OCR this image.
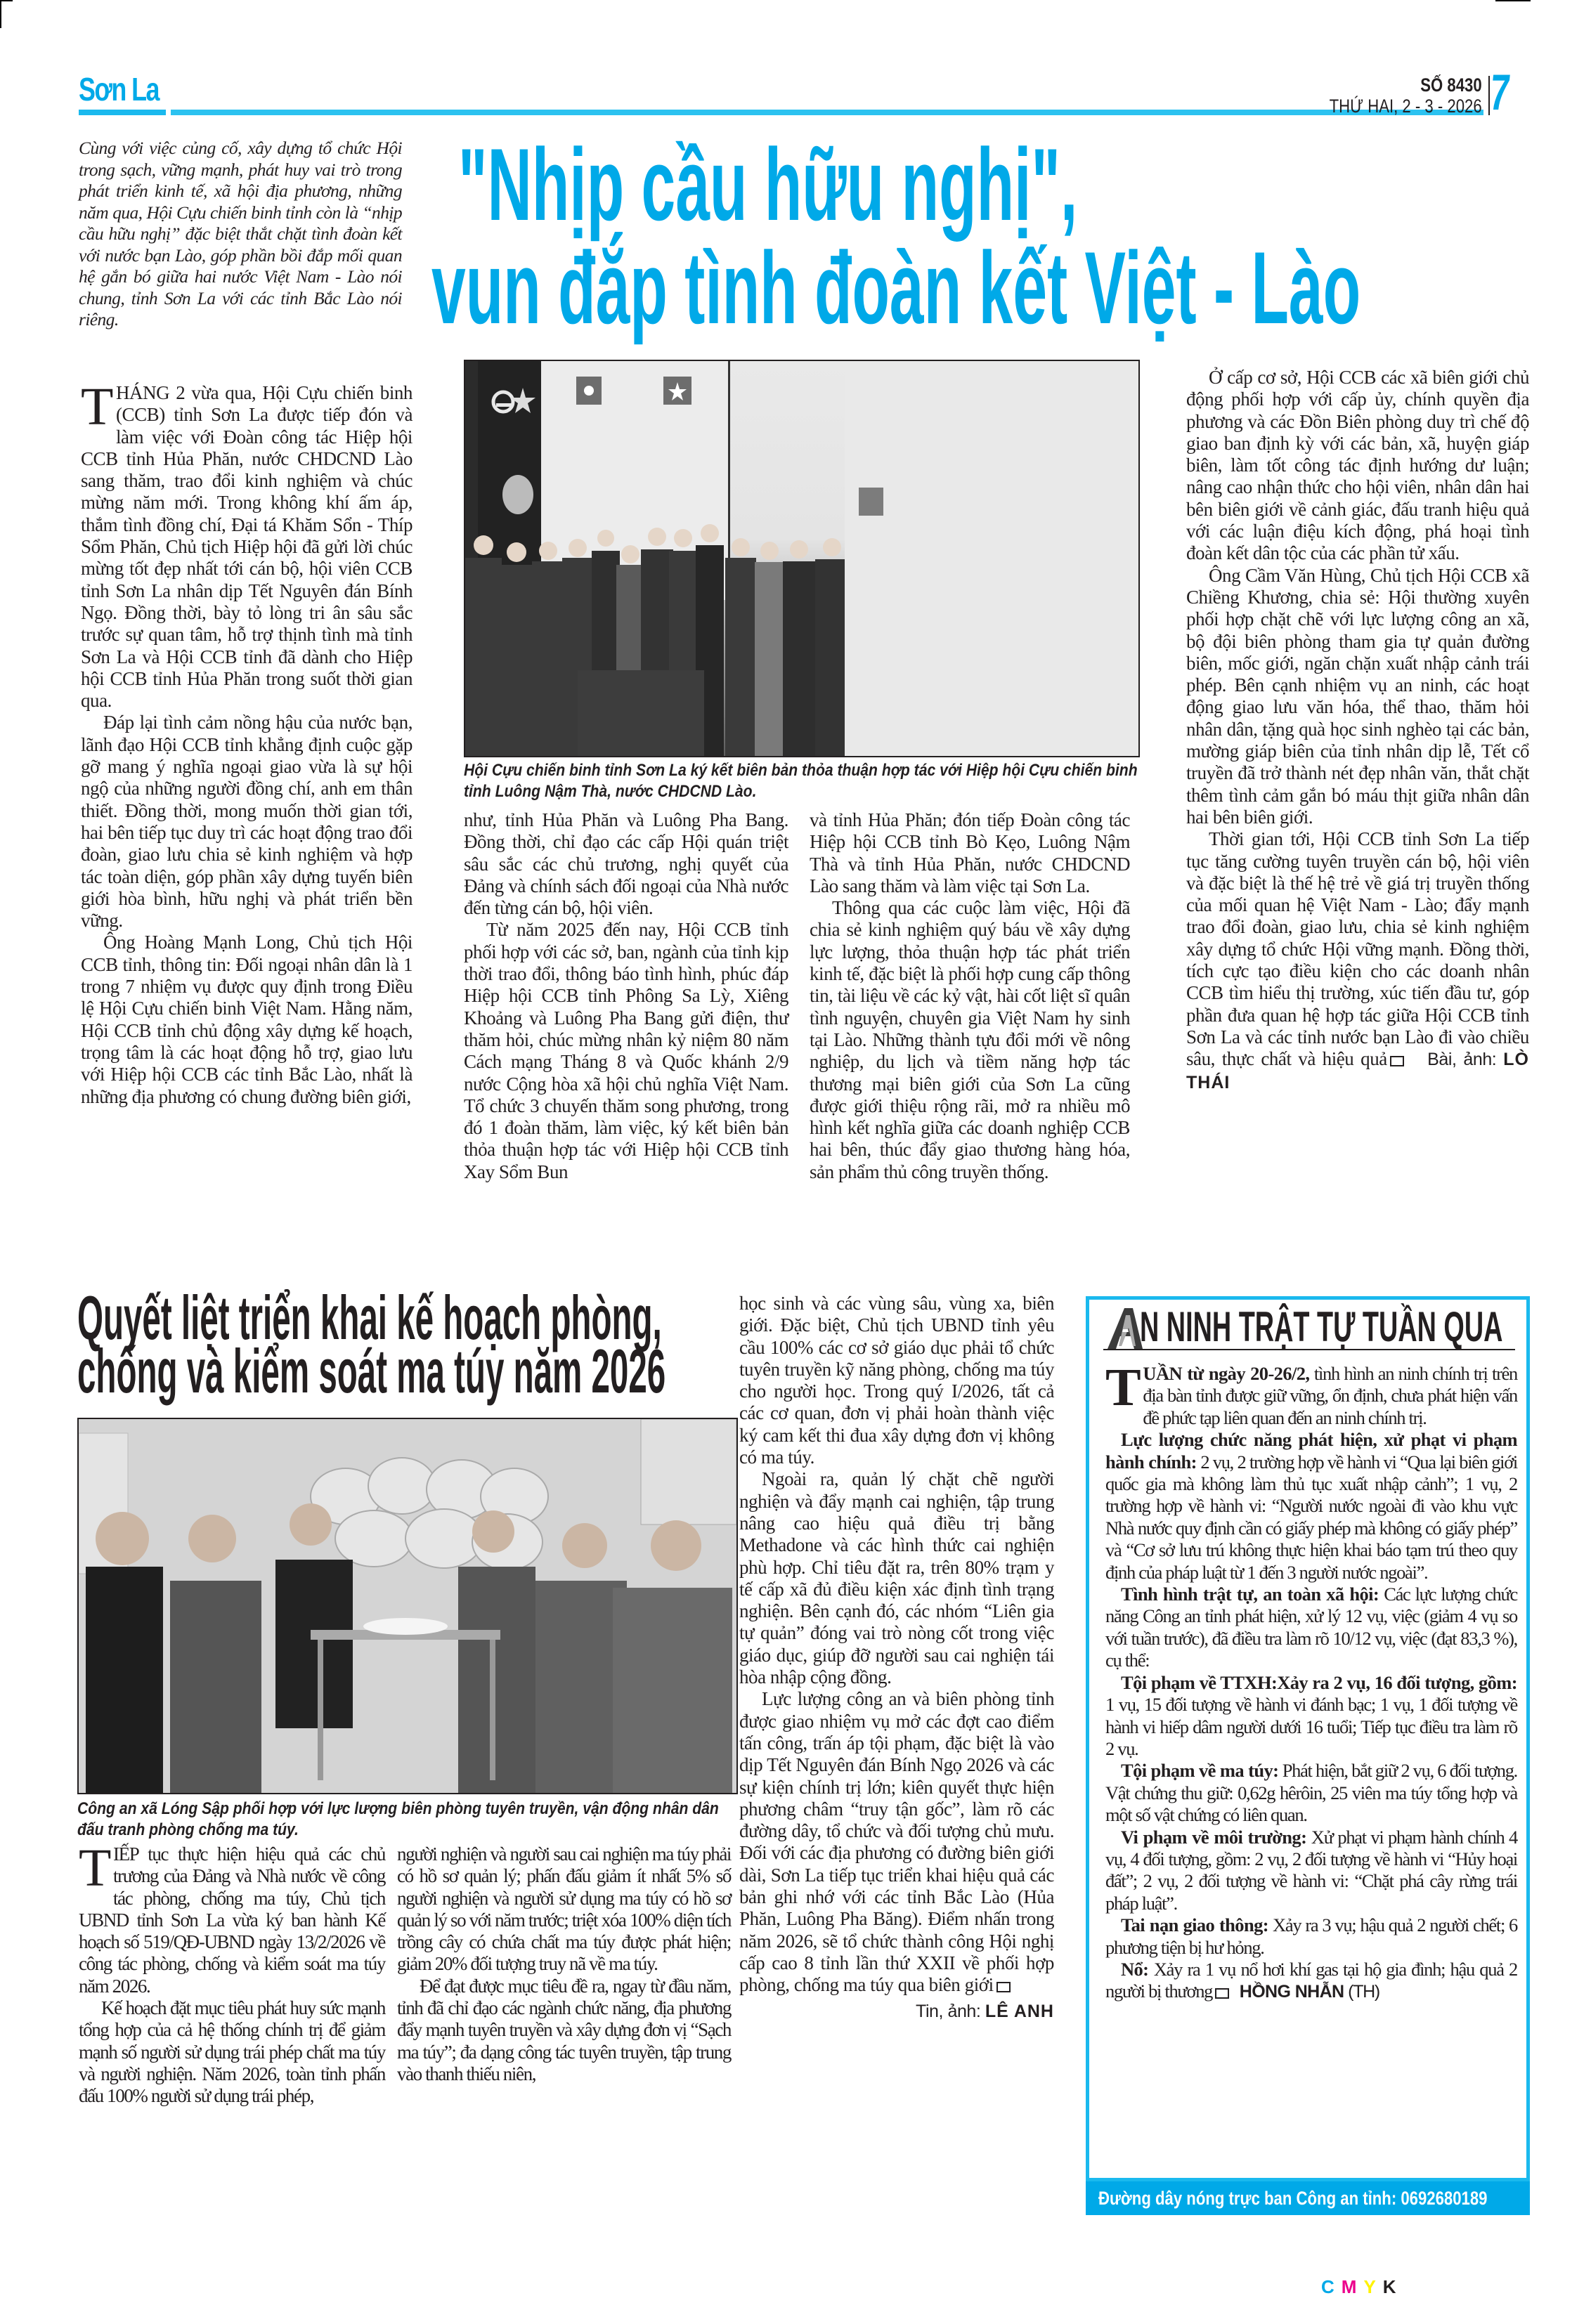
Sơn La	SỐ 8430
THỨ HAI, 2 - 3 - 2026 7
Cùng với việc củng cố, xây dựng tổ chức Hội trong sạch, vững mạnh, phát huy vai trò trong phát triển kinh tế, xã hội địa phương, những năm qua, Hội Cựu chiến binh tỉnh còn là “nhịp cầu hữu nghị” đặc biệt thắt chặt tình đoàn kết với nước bạn Lào, góp phần bồi đắp mối quan hệ gắn bó giữa hai nước Việt Nam - Lào nói chung, tỉnh Sơn La với các tỉnh Bắc Lào nói riêng.
"Nhịp cầu hữu nghị",
vun đắp tình đoàn kết Việt - Lào
Hội Cựu chiến binh tỉnh Sơn La ký kết biên bản thỏa thuận hợp tác với Hiệp hội Cựu chiến binh tỉnh Luông Nậm Thà, nước CHDCND Lào.

THÁNG 2 vừa qua, Hội Cựu chiến binh (CCB) tỉnh Sơn La được tiếp đón và làm việc với Đoàn công tác Hiệp hội CCB tỉnh Hủa Phăn, nước CHDCND Lào sang thăm, trao đổi kinh nghiệm và chúc mừng năm mới. Trong không khí ấm áp, thắm tình đồng chí, Đại tá Khăm Sổn - Thíp Sổm Phăn, Chủ tịch Hiệp hội đã gửi lời chúc mừng tốt đẹp nhất tới cán bộ, hội viên CCB tỉnh Sơn La nhân dịp Tết Nguyên đán Bính Ngọ. Đồng thời, bày tỏ lòng tri ân sâu sắc trước sự quan tâm, hỗ trợ thịnh tình mà tỉnh Sơn La và Hội CCB tỉnh đã dành cho Hiệp hội CCB tỉnh Hủa Phăn trong suốt thời gian qua.

Đáp lại tình cảm nồng hậu của nước bạn, lãnh đạo Hội CCB tỉnh khẳng định cuộc gặp gỡ mang ý nghĩa ngoại giao vừa là sự hội ngộ của những người đồng chí, anh em thân thiết. Đồng thời, mong muốn thời gian tới, hai bên tiếp tục duy trì các hoạt động trao đổi đoàn, giao lưu chia sẻ kinh nghiệm và hợp tác toàn diện, góp phần xây dựng tuyến biên giới hòa bình, hữu nghị và phát triển bền vững.

Ông Hoàng Mạnh Long, Chủ tịch Hội CCB tỉnh, thông tin: Đối ngoại nhân dân là 1 trong 7 nhiệm vụ được quy định trong Điều lệ Hội Cựu chiến binh Việt Nam. Hằng năm, Hội CCB tỉnh chủ động xây dựng kế hoạch, trọng tâm là các hoạt động hỗ trợ, giao lưu với Hiệp hội CCB các tỉnh Bắc Lào, nhất là những địa phương có chung đường biên giới,

như, tỉnh Hủa Phăn và Luông Pha Bang. Đồng thời, chỉ đạo các cấp Hội quán triệt sâu sắc các chủ trương, nghị quyết của Đảng và chính sách đối ngoại của Nhà nước đến từng cán bộ, hội viên.

Từ năm 2025 đến nay, Hội CCB tỉnh phối hợp với các sở, ban, ngành của tỉnh kịp thời trao đổi, thông báo tình hình, phúc đáp Hiệp hội CCB tỉnh Phông Sa Lỳ, Xiêng Khoảng và Luông Pha Bang gửi điện, thư thăm hỏi, chúc mừng nhân kỷ niệm 80 năm Cách mạng Tháng 8 và Quốc khánh 2/9 nước Cộng hòa xã hội chủ nghĩa Việt Nam. Tổ chức 3 chuyến thăm song phương, trong đó 1 đoàn thăm, làm việc, ký kết biên bản thỏa thuận hợp tác với Hiệp hội CCB tỉnh Xay Sổm Bun

và tỉnh Hủa Phăn; đón tiếp Đoàn công tác Hiệp hội CCB tỉnh Bò Kẹo, Luông Nậm Thà và tỉnh Hủa Phăn, nước CHDCND Lào sang thăm và làm việc tại Sơn La.

Thông qua các cuộc làm việc, Hội đã chia sẻ kinh nghiệm quý báu về xây dựng lực lượng, thỏa thuận hợp tác phát triển kinh tế, đặc biệt là phối hợp cung cấp thông tin, tài liệu về các kỷ vật, hài cốt liệt sĩ quân tình nguyện, chuyên gia Việt Nam hy sinh tại Lào. Những thành tựu đổi mới về nông nghiệp, du lịch và tiềm năng hợp tác thương mại biên giới của Sơn La cũng được giới thiệu rộng rãi, mở ra nhiều mô hình kết nghĩa giữa các doanh nghiệp CCB hai bên, thúc đẩy giao thương hàng hóa, sản phẩm thủ công truyền thống.

Ở cấp cơ sở, Hội CCB các xã biên giới chủ động phối hợp với cấp ủy, chính quyền địa phương và các Đồn Biên phòng duy trì chế độ giao ban định kỳ với các bản, xã, huyện giáp biên, làm tốt công tác định hướng dư luận; nâng cao nhận thức cho hội viên, nhân dân hai bên biên giới về cảnh giác, đấu tranh hiệu quả với các luận điệu kích động, phá hoại tình đoàn kết dân tộc của các phần tử xấu.

Ông Cầm Văn Hùng, Chủ tịch Hội CCB xã Chiềng Khương, chia sẻ: Hội thường xuyên phối hợp chặt chẽ với lực lượng công an xã, bộ đội biên phòng tham gia tự quản đường biên, mốc giới, ngăn chặn xuất nhập cảnh trái phép. Bên cạnh nhiệm vụ an ninh, các hoạt động giao lưu văn hóa, thể thao, thăm hỏi nhân dân, tặng quà học sinh nghèo tại các bản, mường giáp biên của tỉnh nhân dịp lễ, Tết cổ truyền đã trở thành nét đẹp nhân văn, thắt chặt thêm tình cảm gắn bó máu thịt giữa nhân dân hai bên biên giới.

Thời gian tới, Hội CCB tỉnh Sơn La tiếp tục tăng cường tuyên truyền cán bộ, hội viên và đặc biệt là thế hệ trẻ về giá trị truyền thống của mối quan hệ Việt Nam - Lào; đẩy mạnh trao đổi đoàn, giao lưu, chia sẻ kinh nghiệm xây dựng tổ chức Hội vững mạnh. Đồng thời, tích cực tạo điều kiện cho các doanh nhân CCB tìm hiểu thị trường, xúc tiến đầu tư, góp phần đưa quan hệ hợp tác giữa Hội CCB tỉnh Sơn La và các tỉnh nước bạn Lào đi vào chiều sâu, thực chất và hiệu quả Bài, ảnh: LÒ THÁI

Quyết liệt triển khai kế hoạch phòng,
chống và kiểm soát ma túy năm 2026
Công an xã Lóng Sập phối hợp với lực lượng biên phòng tuyên truyền, vận động nhân dân đấu tranh phòng chống ma túy.

TIẾP tục thực hiện hiệu quả các chủ trương của Đảng và Nhà nước về công tác phòng, chống ma túy, Chủ tịch UBND tỉnh Sơn La vừa ký ban hành Kế hoạch số 519/QĐ-UBND ngày 13/2/2026 về công tác phòng, chống và kiểm soát ma túy năm 2026.

Kế hoạch đặt mục tiêu phát huy sức mạnh tổng hợp của cả hệ thống chính trị để giảm mạnh số người sử dụng trái phép chất ma túy và người nghiện. Năm 2026, toàn tỉnh phấn đấu 100% người sử dụng trái phép,

người nghiện và người sau cai nghiện ma túy phải có hồ sơ quản lý; phấn đấu giảm ít nhất 5% số người nghiện và người sử dụng ma túy có hồ sơ quản lý so với năm trước; triệt xóa 100% diện tích trồng cây có chứa chất ma túy được phát hiện; giảm 20% đối tượng truy nã về ma túy.

Để đạt được mục tiêu đề ra, ngay từ đầu năm, tỉnh đã chỉ đạo các ngành chức năng, địa phương đẩy mạnh tuyên truyền và xây dựng đơn vị “Sạch ma túy”; đa dạng công tác tuyên truyền, tập trung vào thanh thiếu niên,

học sinh và các vùng sâu, vùng xa, biên giới. Đặc biệt, Chủ tịch UBND tỉnh yêu cầu 100% các cơ sở giáo dục phải tổ chức tuyên truyền kỹ năng phòng, chống ma túy cho người học. Trong quý I/2026, tất cả các cơ quan, đơn vị phải hoàn thành việc ký cam kết thi đua xây dựng đơn vị không có ma túy.

Ngoài ra, quản lý chặt chẽ người nghiện và đẩy mạnh cai nghiện, tập trung nâng cao hiệu quả điều trị bằng Methadone và các hình thức cai nghiện phù hợp. Chỉ tiêu đặt ra, trên 80% trạm y tế cấp xã đủ điều kiện xác định tình trạng nghiện. Bên cạnh đó, các nhóm “Liên gia tự quản” đóng vai trò nòng cốt trong việc giáo dục, giúp đỡ người sau cai nghiện tái hòa nhập cộng đồng.

Lực lượng công an và biên phòng tỉnh được giao nhiệm vụ mở các đợt cao điểm tấn công, trấn áp tội phạm, đặc biệt là vào dịp Tết Nguyên đán Bính Ngọ 2026 và các sự kiện chính trị lớn; kiên quyết thực hiện phương châm “truy tận gốc”, làm rõ các đường dây, tổ chức và đối tượng chủ mưu. Đối với các địa phương có đường biên giới dài, Sơn La tiếp tục triển khai hiệu quả các bản ghi nhớ với các tỉnh Bắc Lào (Hủa Phăn, Luông Pha Băng). Điểm nhấn trong năm 2026, sẽ tổ chức thành công Hội nghị cấp cao 8 tỉnh lần thứ XXII về phối hợp phòng, chống ma túy qua biên giới

Tin, ảnh: LÊ ANH
N NINH TRẬT TỰ TUẦN QUA

TUẦN từ ngày 20-26/2, tình hình an ninh chính trị trên địa bàn tỉnh được giữ vững, ổn định, chưa phát hiện vấn đề phức tạp liên quan đến an ninh chính trị.

Lực lượng chức năng phát hiện, xử phạt vi phạm hành chính: 2 vụ, 2 trường hợp về hành vi “Qua lại biên giới quốc gia mà không làm thủ tục xuất nhập cảnh”; 1 vụ, 2 trường hợp về hành vi: “Người nước ngoài đi vào khu vực Nhà nước quy định cần có giấy phép mà không có giấy phép” và “Cơ sở lưu trú không thực hiện khai báo tạm trú theo quy định của pháp luật từ 1 đến 3 người nước ngoài”.

Tình hình trật tự, an toàn xã hội: Các lực lượng chức năng Công an tỉnh phát hiện, xử lý 12 vụ, việc (giảm 4 vụ so với tuần trước), đã điều tra làm rõ 10/12 vụ, việc (đạt 83,3 %), cụ thể:

Tội phạm về TTXH:Xảy ra 2 vụ, 16 đối tượng, gồm: 1 vụ, 15 đối tượng về hành vi đánh bạc; 1 vụ, 1 đối tượng về hành vi hiếp dâm người dưới 16 tuổi; Tiếp tục điều tra làm rõ 2 vụ.

Tội phạm về ma túy: Phát hiện, bắt giữ 2 vụ, 6 đối tượng. Vật chứng thu giữ: 0,62g hêrôin, 25 viên ma túy tổng hợp và một số vật chứng có liên quan.

Vi phạm về môi trường: Xử phạt vi phạm hành chính 4 vụ, 4 đối tượng, gồm: 2 vụ, 2 đối tượng về hành vi “Hủy hoại đất”; 2 vụ, 2 đối tượng về hành vi: “Chặt phá cây rừng trái pháp luật”.

Tai nạn giao thông: Xảy ra 3 vụ; hậu quả 2 người chết; 6 phương tiện bị hư hỏng.

Nổ: Xảy ra 1 vụ nổ hơi khí gas tại hộ gia đình; hậu quả 2 người bị thương HỒNG NHẪN (TH)

Đường dây nóng trực ban Công an tỉnh: 0692680189
CMYK
